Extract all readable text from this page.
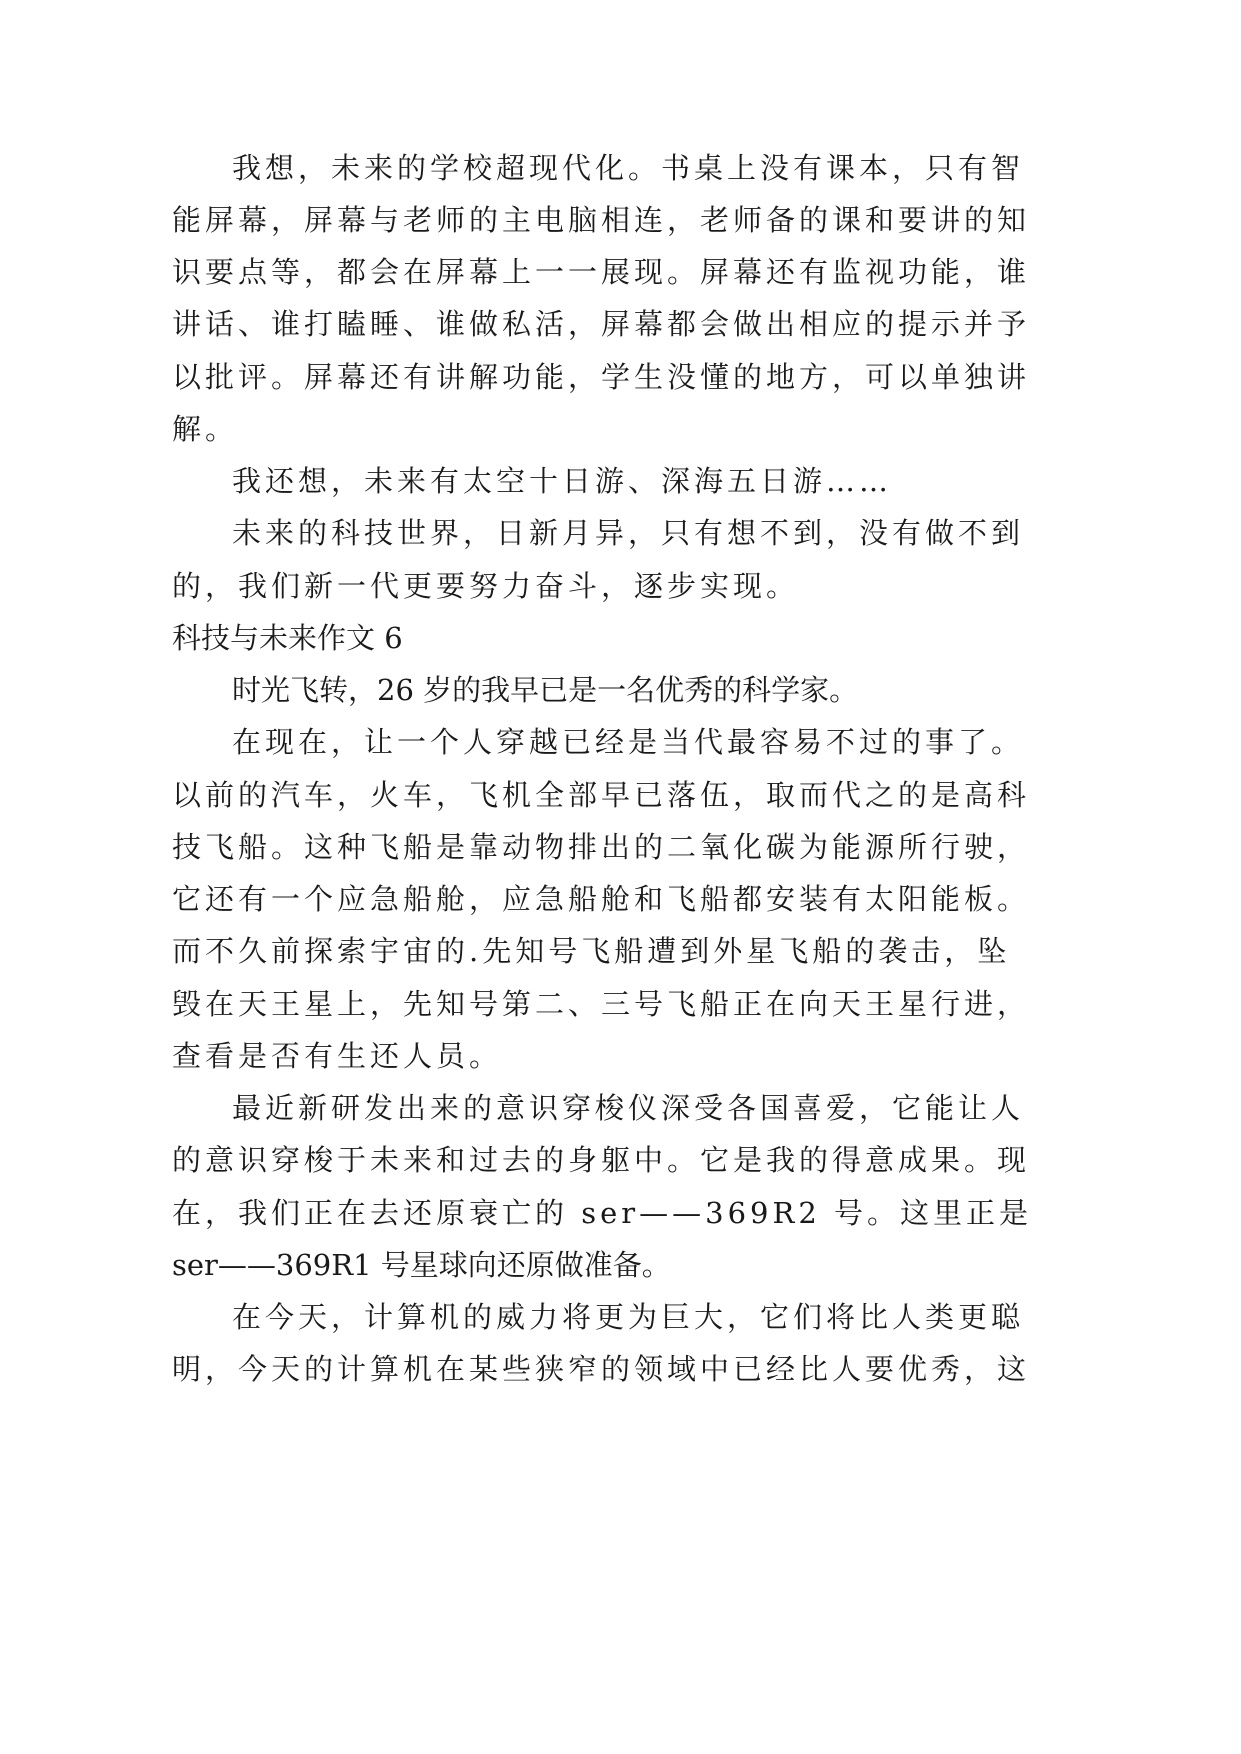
我想，未来的学校超现代化。书桌上没有课本，只有智
能屏幕，屏幕与老师的主电脑相连，老师备的课和要讲的知
识要点等，都会在屏幕上一一展现。屏幕还有监视功能，谁
讲话、谁打瞌睡、谁做私活，屏幕都会做出相应的提示并予
以批评。屏幕还有讲解功能，学生没懂的地方，可以单独讲
解。
我还想，未来有太空十日游、深海五日游……
未来的科技世界，日新月异，只有想不到，没有做不到
的，我们新一代更要努力奋斗，逐步实现。
科技与未来作文 6
时光飞转，26 岁的我早已是一名优秀的科学家。
在现在，让一个人穿越已经是当代最容易不过的事了。
以前的汽车，火车，飞机全部早已落伍，取而代之的是高科
技飞船。这种飞船是靠动物排出的二氧化碳为能源所行驶，
它还有一个应急船舱，应急船舱和飞船都安装有太阳能板。
而不久前探索宇宙的.先知号飞船遭到外星飞船的袭击，坠
毁在天王星上，先知号第二、三号飞船正在向天王星行进，
查看是否有生还人员。
最近新研发出来的意识穿梭仪深受各国喜爱，它能让人
的意识穿梭于未来和过去的身躯中。它是我的得意成果。现
在，我们正在去还原衰亡的 ser——369R2 号。这里正是
ser——369R1 号星球向还原做准备。
在今天，计算机的威力将更为巨大，它们将比人类更聪
明，今天的计算机在某些狭窄的领域中已经比人要优秀，这
